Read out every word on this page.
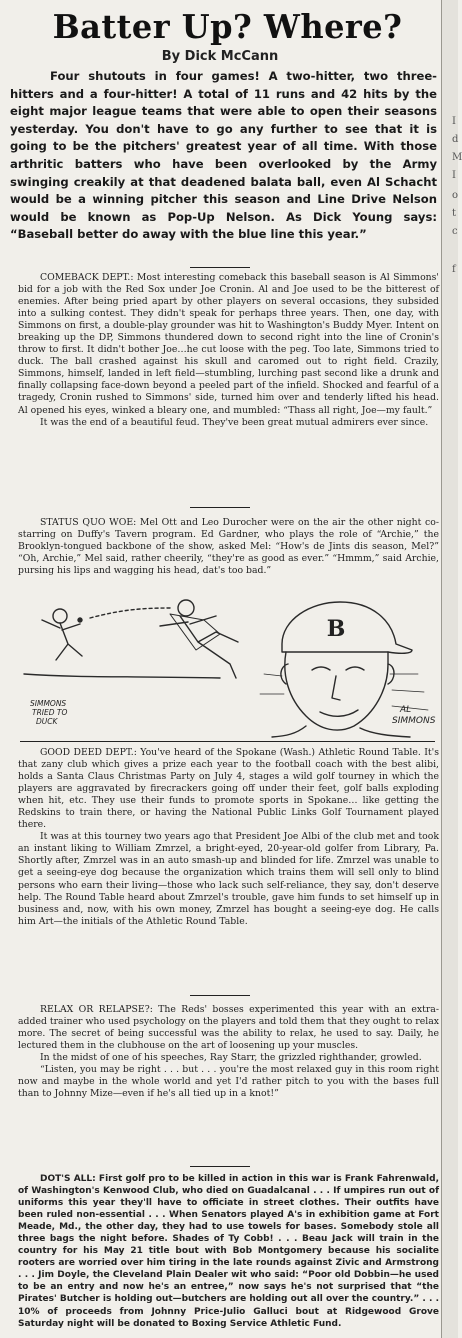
Batter Up? Where?
By Dick McCann
Four shutouts in four games! A two-hitter, two three-hitters and a four-hitter! A total of 11 runs and 42 hits by the eight major league teams that were able to open their seasons yesterday. You don't have to go any further to see that it is going to be the pitchers' greatest year of all time. With those arthritic batters who have been overlooked by the Army swinging creakily at that deadened balata ball, even Al Schacht would be a winning pitcher this season and Line Drive Nelson would be known as Pop-Up Nelson. As Dick Young says: “Baseball better do away with the blue line this year.”
COMEBACK DEPT.: Most interesting comeback this baseball season is Al Simmons' bid for a job with the Red Sox under Joe Cronin. Al and Joe used to be the bitterest of enemies. After being pried apart by other players on several occasions, they subsided into a sulking contest. They didn't speak for perhaps three years. Then, one day, with Simmons on first, a double-play grounder was hit to Washington's Buddy Myer. Intent on breaking up the DP, Simmons thundered down to second right into the line of Cronin's throw to first. It didn't bother Joe…he cut loose with the peg. Too late, Simmons tried to duck. The ball crashed against his skull and caromed out to right field. Crazily, Simmons, himself, landed in left field—stumbling, lurching past second like a drunk and finally collapsing face-down beyond a peeled part of the infield. Shocked and fearful of a tragedy, Cronin rushed to Simmons' side, turned him over and tenderly lifted his head. Al opened his eyes, winked a bleary one, and mumbled: “Thass all right, Joe—my fault.”
It was the end of a beautiful feud. They've been great mutual admirers ever since.
STATUS QUO WOE: Mel Ott and Leo Durocher were on the air the other night co-starring on Duffy's Tavern program. Ed Gardner, who plays the role of “Archie,” the Brooklyn-tongued backbone of the show, asked Mel: “How's de Jints dis season, Mel?” “Oh, Archie,” Mel said, rather cheerily, “they're as good as ever.” “Hmmm,” said Archie, pursing his lips and wagging his head, dat's too bad.”
B
SIMMONS
TRIED TO
DUCK
AL
SIMMONS
GOOD DEED DEPT.: You've heard of the Spokane (Wash.) Athletic Round Table. It's that zany club which gives a prize each year to the football coach with the best alibi, holds a Santa Claus Christmas Party on July 4, stages a wild golf tourney in which the players are aggravated by firecrackers going off under their feet, golf balls exploding when hit, etc. They use their funds to promote sports in Spokane… like getting the Redskins to train there, or having the National Public Links Golf Tournament played there.
It was at this tourney two years ago that President Joe Albi of the club met and took an instant liking to William Zmrzel, a bright-eyed, 20-year-old golfer from Library, Pa. Shortly after, Zmrzel was in an auto smash-up and blinded for life. Zmrzel was unable to get a seeing-eye dog because the organization which trains them will sell only to blind persons who earn their living—those who lack such self-reliance, they say, don't deserve help. The Round Table heard about Zmrzel's trouble, gave him funds to set himself up in business and, now, with his own money, Zmrzel has bought a seeing-eye dog. He calls him Art—the initials of the Athletic Round Table.
RELAX OR RELAPSE?: The Reds' bosses experimented this year with an extra-added trainer who used psychology on the players and told them that they ought to relax more. The secret of being successful was the ability to relax, he used to say. Daily, he lectured them in the clubhouse on the art of loosening up your muscles.
In the midst of one of his speeches, Ray Starr, the grizzled righthander, growled.
“Listen, you may be right . . . but . . . you're the most relaxed guy in this room right now and maybe in the whole world and yet I'd rather pitch to you with the bases full than to Johnny Mize—even if he's all tied up in a knot!”
DOT'S ALL: First golf pro to be killed in action in this war is Frank Fahrenwald, of Washington's Kenwood Club, who died on Guadalcanal . . . If umpires run out of uniforms this year they'll have to officiate in street clothes. Their outfits have been ruled non-essential . . . When Senators played A's in exhibition game at Fort Meade, Md., the other day, they had to use towels for bases. Somebody stole all three bags the night before. Shades of Ty Cobb! . . . Beau Jack will train in the country for his May 21 title bout with Bob Montgomery because his socialite rooters are worried over him tiring in the late rounds against Zivic and Armstrong . . . Jim Doyle, the Cleveland Plain Dealer wit who said: “Poor old Dobbin—he used to be an entry and now he's an entree,” now says he's not surprised that “the Pirates' Butcher is holding out—butchers are holding out all over the country.” . . . 10% of proceeds from Johnny Price-Julio Galluci bout at Ridgewood Grove Saturday night will be donated to Boxing Service Athletic Fund.
I
d
M
I
o
t
c
f
